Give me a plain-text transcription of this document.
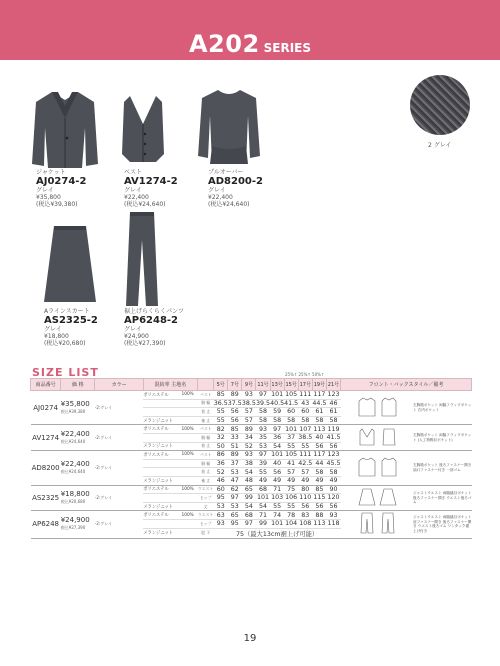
A202 SERIES
2 グレイ
ジャケット
AJ0274-2
グレイ
¥35,800
(税込¥39,380)
ベスト
AV1274-2
グレイ
¥22,400
(税込¥24,640)
プルオーバー
AD8200-2
グレイ
¥22,400
(税込¥24,640)
Aラインスカート
AS2325-2
グレイ
¥18,800
(税込¥20,680)
裾上げらくらくパンツ
AP6248-2
グレイ
¥24,900
(税込¥27,390)
SIZE LIST	25%↑ 25%↑ 50%↑
商品番号	価 格	カラー	混紡率 主地名			5号	7号	9号	11号	13号	15号	17号	19号	21号	フロント・バックスタイル／備考	
AJ0274	¥35,800
税込¥39,380	-2:グレイ	ポリエステル	100%	バスト	85	89	93	97	101	105	111	117	123		左胸箱ポケット 両脇フラップポケット 右内ポケット
					胴 幅	36.5	37.5	38.5	39.5	40.5	41.5	43	44.5	46		
					着 丈	55	56	57	58	59	60	60	61	61		
			メランジニット		袖 丈	55	56	57	58	58	58	58	58	58		
AV1274	¥22,400
税込¥24,640	-2:グレイ	ポリエステル	100%	バスト	82	85	89	93	97	101	107	113	119		左胸箱ポケット 両脇フラップポケット (人工物吸収ポケット)
					胴 幅	32	33	34	35	36	37	38.5	40	41.5		
			メランジニット		着 丈	50	51	52	53	54	55	55	56	56		
AD8200	¥22,400
税込¥24,640	-2:グレイ	ポリエステル	100%	バスト	86	89	93	97	101	105	111	117	123		左胸箱ポケット 後ろファスナー開き 袖口ファスナー付き 一部ゴム
					胴 幅	36	37	38	39	40	41	42.5	44	45.5		
					着 丈	52	53	54	55	56	57	57	58	58		
			メランジニット		袖 丈	46	47	48	49	49	49	49	49	49		
AS2325	¥18,800
税込¥20,680	-2:グレイ	ポリエステル	100%	ウエスト	60	62	65	68	71	75	80	85	90		ジャストウエスト 両脇縫目ポケット 後ろファスナー開き ウエスト後ろゴム
					ヒップ	95	97	99	101	103	106	110	115	120		
			メランジニット		丈	53	53	54	54	55	55	56	56	56		
AP6248	¥24,900
税込¥27,390	-2:グレイ	ポリエステル	100%	ウエスト	63	65	68	71	74	78	83	88	93		ジャストウエスト 両脇縫目ポケット 前ファスナー開き 後ろファスナー開き ウエスト後ろゴム ワンタック裾上げ付き
					ヒップ	93	95	97	99	101	104	108	113	118		
			メランジニット		股 下	75（最大13cm裾上げ可能）										
19
